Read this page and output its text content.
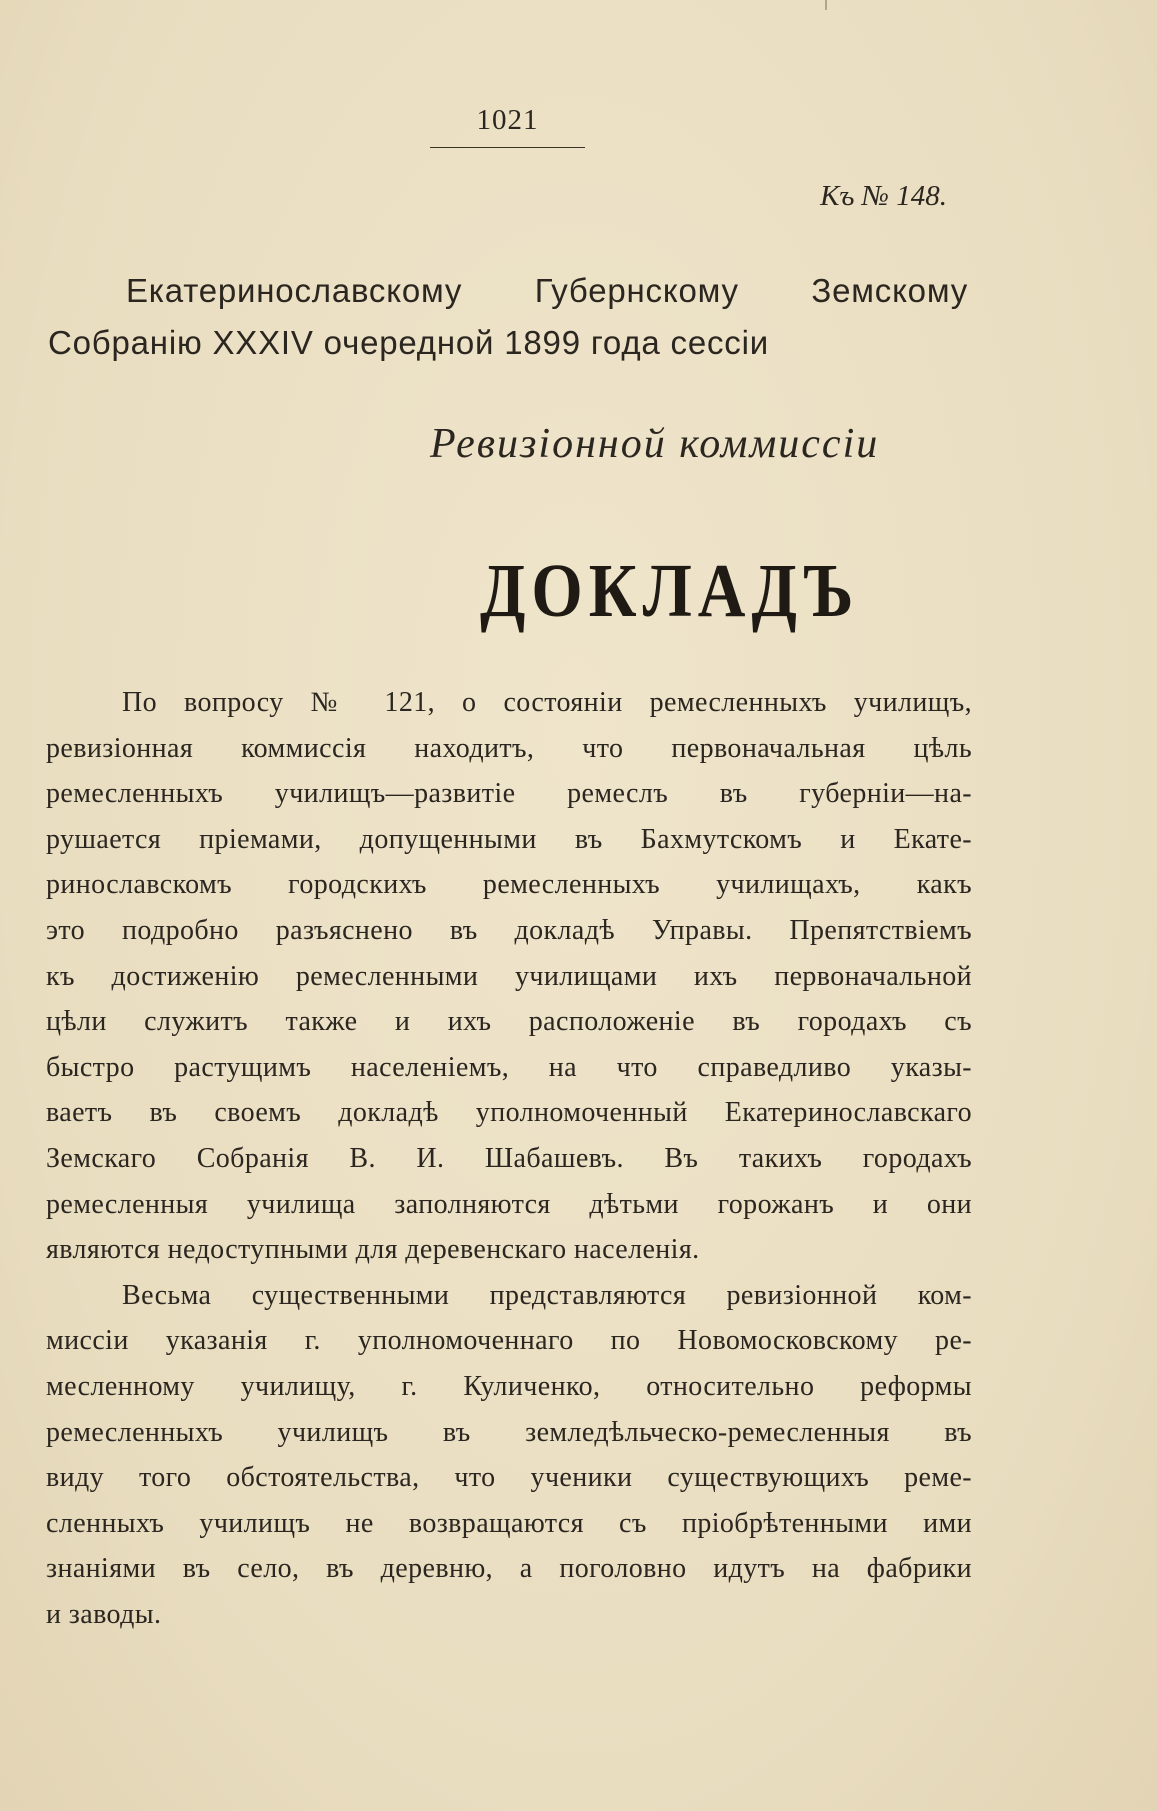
1021
Къ № 148.
Екатеринославскому Губернскому Земскому
Собранію XXXIV очередной 1899 года сессіи
Ревизіонной коммиссіи
ДОКЛАДЪ
По вопросу № 121, о состояніи ремесленныхъ училищъ,
ревизіонная коммиссія находитъ, что первоначальная цѣль
ремесленныхъ училищъ—развитіе ремеслъ въ губерніи—на-
рушается пріемами, допущенными въ Бахмутскомъ и Екате-
ринославскомъ городскихъ ремесленныхъ училищахъ, какъ
это подробно разъяснено въ докладѣ Управы. Препятствіемъ
къ достиженію ремесленными училищами ихъ первоначальной
цѣли служитъ также и ихъ расположеніе въ городахъ съ
быстро растущимъ населеніемъ, на что справедливо указы-
ваетъ въ своемъ докладѣ уполномоченный Екатеринославскаго
Земскаго Собранія В. И. Шабашевъ. Въ такихъ городахъ
ремесленныя училища заполняются дѣтьми горожанъ и они
являются недоступными для деревенскаго населенія.
Весьма существенными представляются ревизіонной ком-
миссіи указанія г. уполномоченнаго по Новомосковскому ре-
месленному училищу, г. Куличенко, относительно реформы
ремесленныхъ училищъ въ земледѣльческо-ремесленныя въ
виду того обстоятельства, что ученики существующихъ реме-
сленныхъ училищъ не возвращаются съ пріобрѣтенными ими
знаніями въ село, въ деревню, а поголовно идутъ на фабрики
и заводы.
